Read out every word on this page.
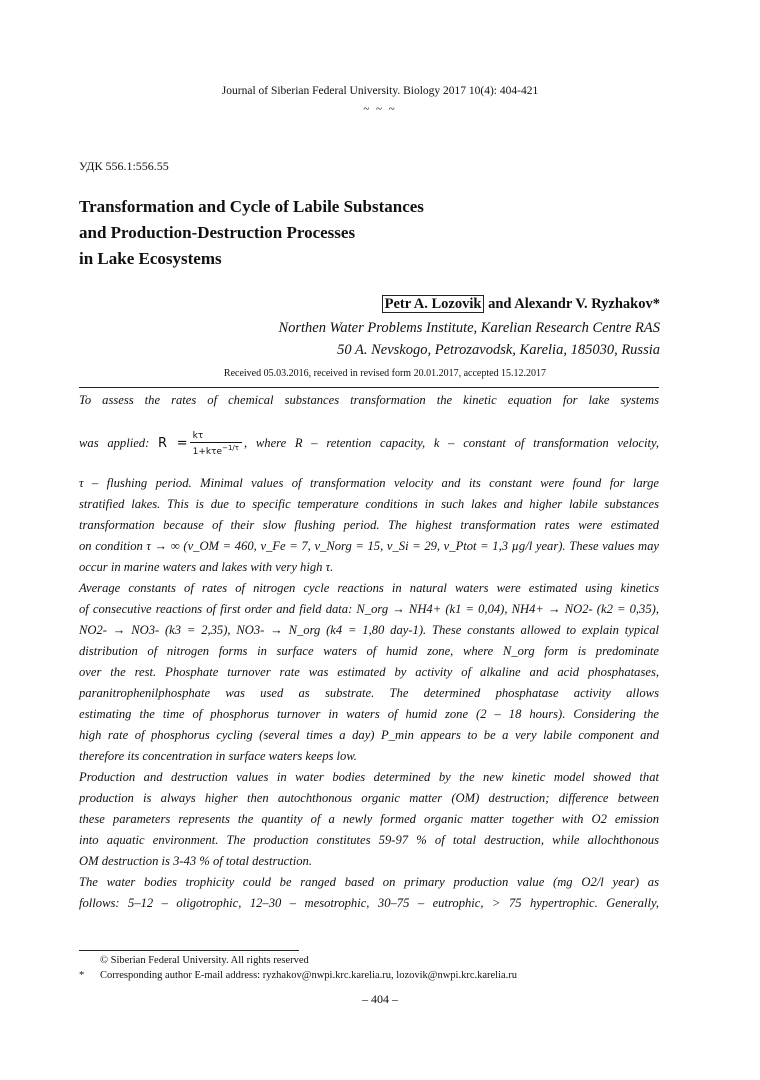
Journal of Siberian Federal University. Biology 2017 10(4): 404-421
~ ~ ~
УДК 556.1:556.55
Transformation and Cycle of Labile Substances
and Production-Destruction Processes
in Lake Ecosystems
Petr A. Lozovik and Alexandr V. Ryzhakov*
Northen Water Problems Institute, Karelian Research Centre RAS
50 A. Nevskogo, Petrozavodsk, Karelia, 185030, Russia
Received 05.03.2016, received in revised form 20.01.2017, accepted 15.12.2017
To assess the rates of chemical substances transformation the kinetic equation for lake systems
was applied: $R = \frac{k\tau}{1+k\tau e^{-1/\tau}}$ , where R – retention capacity, k – constant of transformation velocity,
τ – flushing period. Minimal values of transformation velocity and its constant were found for large
stratified lakes. This is due to specific temperature conditions in such lakes and higher labile substances
transformation because of their slow flushing period. The highest transformation rates were estimated
on condition τ → ∞ (ν_OM = 460, ν_Fe = 7, ν_Norg = 15, ν_Si = 29, ν_Ptot = 1,3 µg/l year). These values may
occur in marine waters and lakes with very high τ.
Average constants of rates of nitrogen cycle reactions in natural waters were estimated using kinetics
of consecutive reactions of first order and field data: N_org → NH4+ (k1 = 0,04), NH4+ → NO2- (k2 = 0,35),
NO2- → NO3- (k3 = 2,35), NO3- → N_org (k4 = 1,80 day-1). These constants allowed to explain typical
distribution of nitrogen forms in surface waters of humid zone, where N_org form is predominate
over the rest. Phosphate turnover rate was estimated by activity of alkaline and acid phosphatases,
paranitrophenilphosphate was used as substrate. The determined phosphatase activity allows
estimating the time of phosphorus turnover in waters of humid zone (2 – 18 hours). Considering the
high rate of phosphorus cycling (several times a day) P_min appears to be a very labile component and
therefore its concentration in surface waters keeps low.
Production and destruction values in water bodies determined by the new kinetic model showed that
production is always higher then autochthonous organic matter (OM) destruction; difference between
these parameters represents the quantity of a newly formed organic matter together with O2 emission
into aquatic environment. The production constitutes 59-97 % of total destruction, while allochthonous
OM destruction is 3-43 % of total destruction.
The water bodies trophicity could be ranged based on primary production value (mg O2/l year) as
follows: 5–12 – oligotrophic, 12–30 – mesotrophic, 30–75 – eutrophic, > 75 hypertrophic. Generally,
© Siberian Federal University. All rights reserved
* Corresponding author E-mail address: ryzhakov@nwpi.krc.karelia.ru, lozovik@nwpi.krc.karelia.ru
– 404 –
